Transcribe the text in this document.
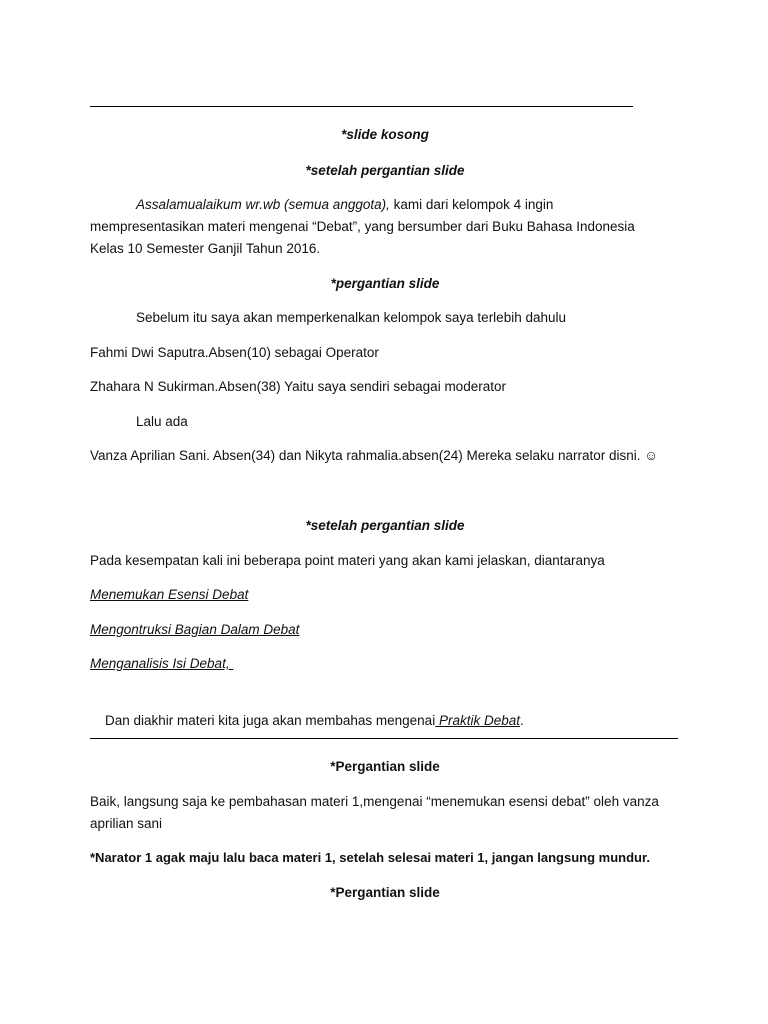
*slide kosong
*setelah pergantian slide
Assalamualaikum wr.wb (semua anggota), kami dari kelompok 4 ingin
mempresentasikan materi mengenai “Debat”, yang bersumber dari Buku Bahasa Indonesia
Kelas 10 Semester Ganjil Tahun 2016.
*pergantian slide
Sebelum itu saya akan memperkenalkan kelompok saya terlebih dahulu
Fahmi Dwi Saputra.Absen(10) sebagai Operator
Zhahara N Sukirman.Absen(38) Yaitu saya sendiri sebagai moderator
Lalu ada
Vanza Aprilian Sani. Absen(34) dan Nikyta rahmalia.absen(24) Mereka selaku narrator disni. ☺
*setelah pergantian slide
Pada kesempatan kali ini beberapa point materi yang akan kami jelaskan, diantaranya
Menemukan Esensi Debat
Mengontruksi Bagian Dalam Debat
Menganalisis Isi Debat,

Dan diakhir materi kita juga akan membahas mengenai Praktik Debat.

*Pergantian slide
Baik, langsung saja ke pembahasan materi 1,mengenai “menemukan esensi debat” oleh vanza
aprilian sani
*Narator 1 agak maju lalu baca materi 1, setelah selesai materi 1, jangan langsung mundur.
*Pergantian slide
